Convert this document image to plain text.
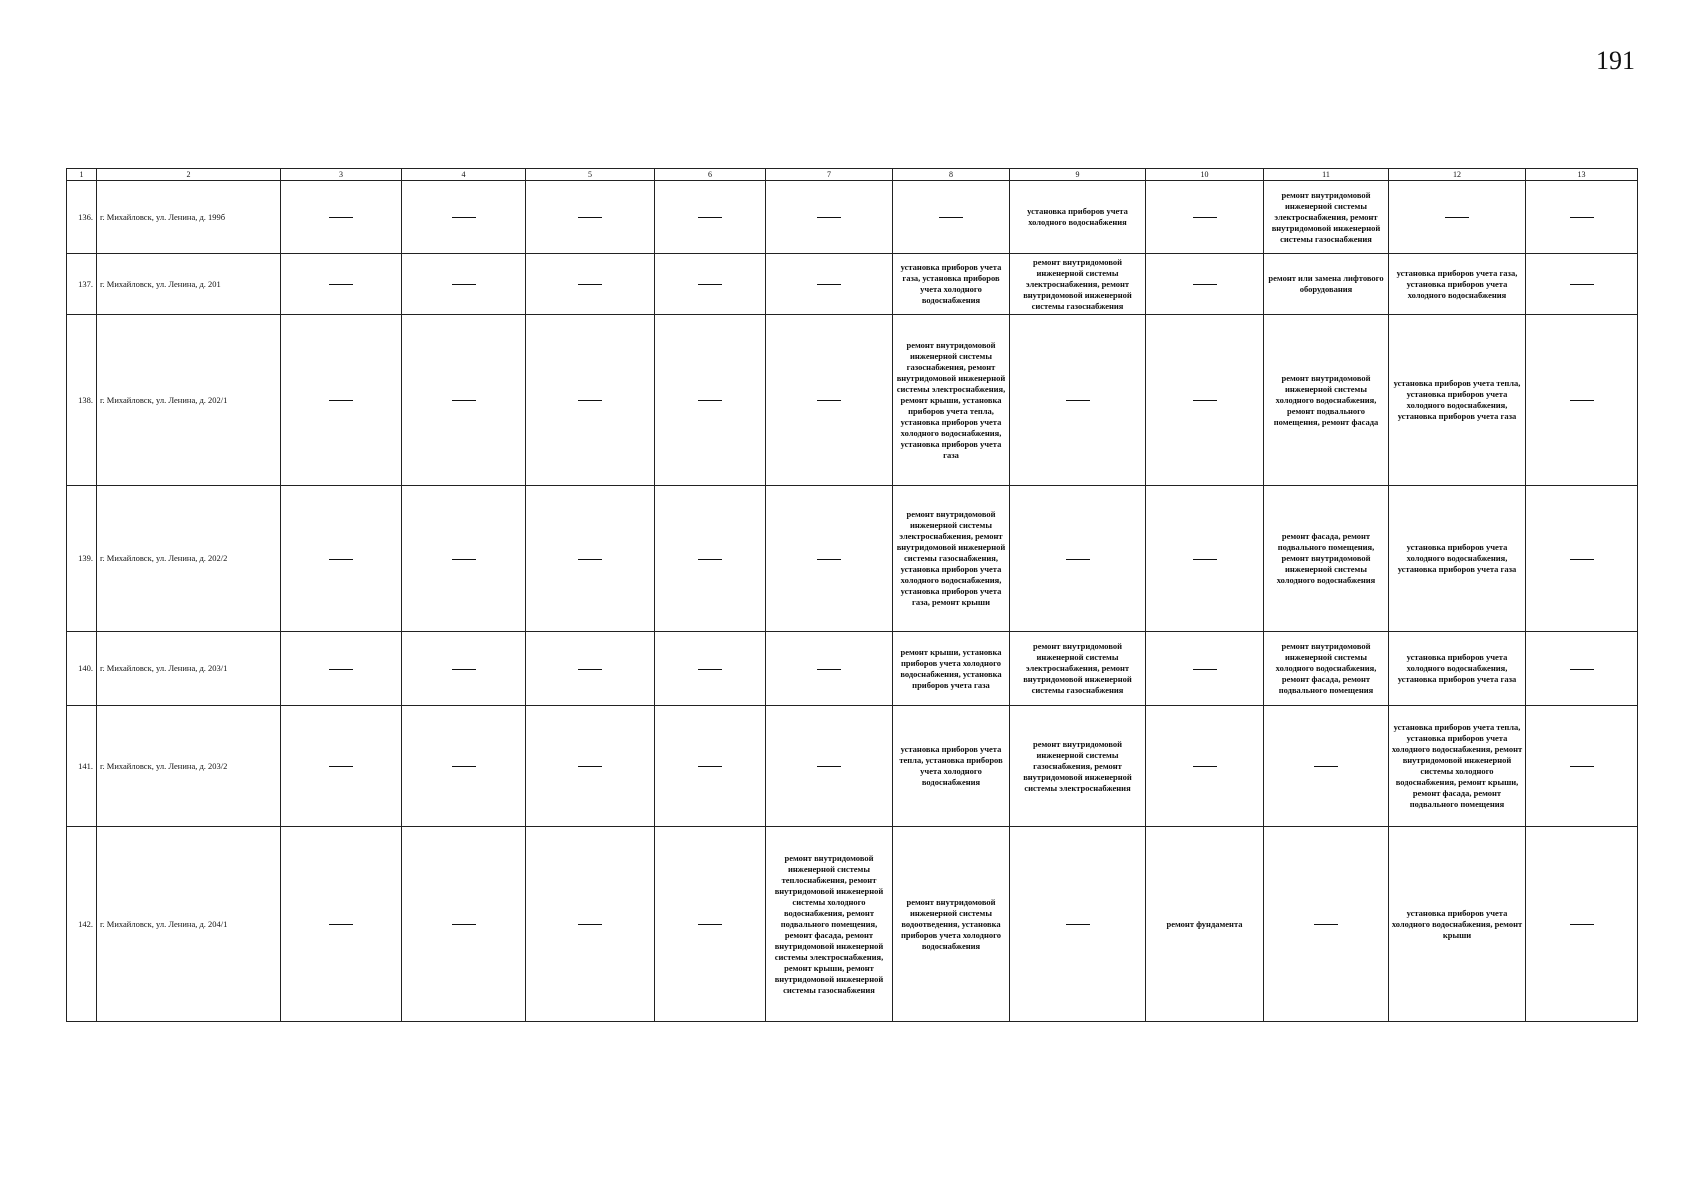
191
1	2	3	4	5	6	7	8	9	10	11	12	13
136.	г. Михайловск, ул. Ленина, д. 199б							установка приборов учета холодного водоснабжения		ремонт внутридомовой инженерной системы электроснабжения, ремонт внутридомовой инженерной системы газоснабжения		
137.	г. Михайловск, ул. Ленина, д. 201						установка приборов учета газа, установка приборов учета холодного водоснабжения	ремонт внутридомовой инженерной системы электроснабжения, ремонт внутридомовой инженерной системы газоснабжения		ремонт или замена лифтового оборудования	установка приборов учета газа, установка приборов учета холодного водоснабжения	
138.	г. Михайловск, ул. Ленина, д. 202/1						ремонт внутридомовой инженерной системы газоснабжения, ремонт внутридомовой инженерной системы электроснабжения, ремонт крыши, установка приборов учета тепла, установка приборов учета холодного водоснабжения, установка приборов учета газа			ремонт внутридомовой инженерной системы холодного водоснабжения, ремонт подвального помещения, ремонт фасада	установка приборов учета тепла, установка приборов учета холодного водоснабжения, установка приборов учета газа	
139.	г. Михайловск, ул. Ленина, д. 202/2						ремонт внутридомовой инженерной системы электроснабжения, ремонт внутридомовой инженерной системы газоснабжения, установка приборов учета холодного водоснабжения, установка приборов учета газа, ремонт крыши			ремонт фасада, ремонт подвального помещения, ремонт внутридомовой инженерной системы холодного водоснабжения	установка приборов учета холодного водоснабжения, установка приборов учета газа	
140.	г. Михайловск, ул. Ленина, д. 203/1						ремонт крыши, установка приборов учета холодного водоснабжения, установка приборов учета газа	ремонт внутридомовой инженерной системы электроснабжения, ремонт внутридомовой инженерной системы газоснабжения		ремонт внутридомовой инженерной системы холодного водоснабжения, ремонт фасада, ремонт подвального помещения	установка приборов учета холодного водоснабжения, установка приборов учета газа	
141.	г. Михайловск, ул. Ленина, д. 203/2						установка приборов учета тепла, установка приборов учета холодного водоснабжения	ремонт внутридомовой инженерной системы газоснабжения, ремонт внутридомовой инженерной системы электроснабжения			установка приборов учета тепла, установка приборов учета холодного водоснабжения, ремонт внутридомовой инженерной системы холодного водоснабжения, ремонт крыши, ремонт фасада, ремонт подвального помещения	
142.	г. Михайловск, ул. Ленина, д. 204/1					ремонт внутридомовой инженерной системы теплоснабжения, ремонт внутридомовой инженерной системы холодного водоснабжения, ремонт подвального помещения, ремонт фасада, ремонт внутридомовой инженерной системы электроснабжения, ремонт крыши, ремонт внутридомовой инженерной системы газоснабжения	ремонт внутридомовой инженерной системы водоотведения, установка приборов учета холодного водоснабжения		ремонт фундамента		установка приборов учета холодного водоснабжения, ремонт крыши	
